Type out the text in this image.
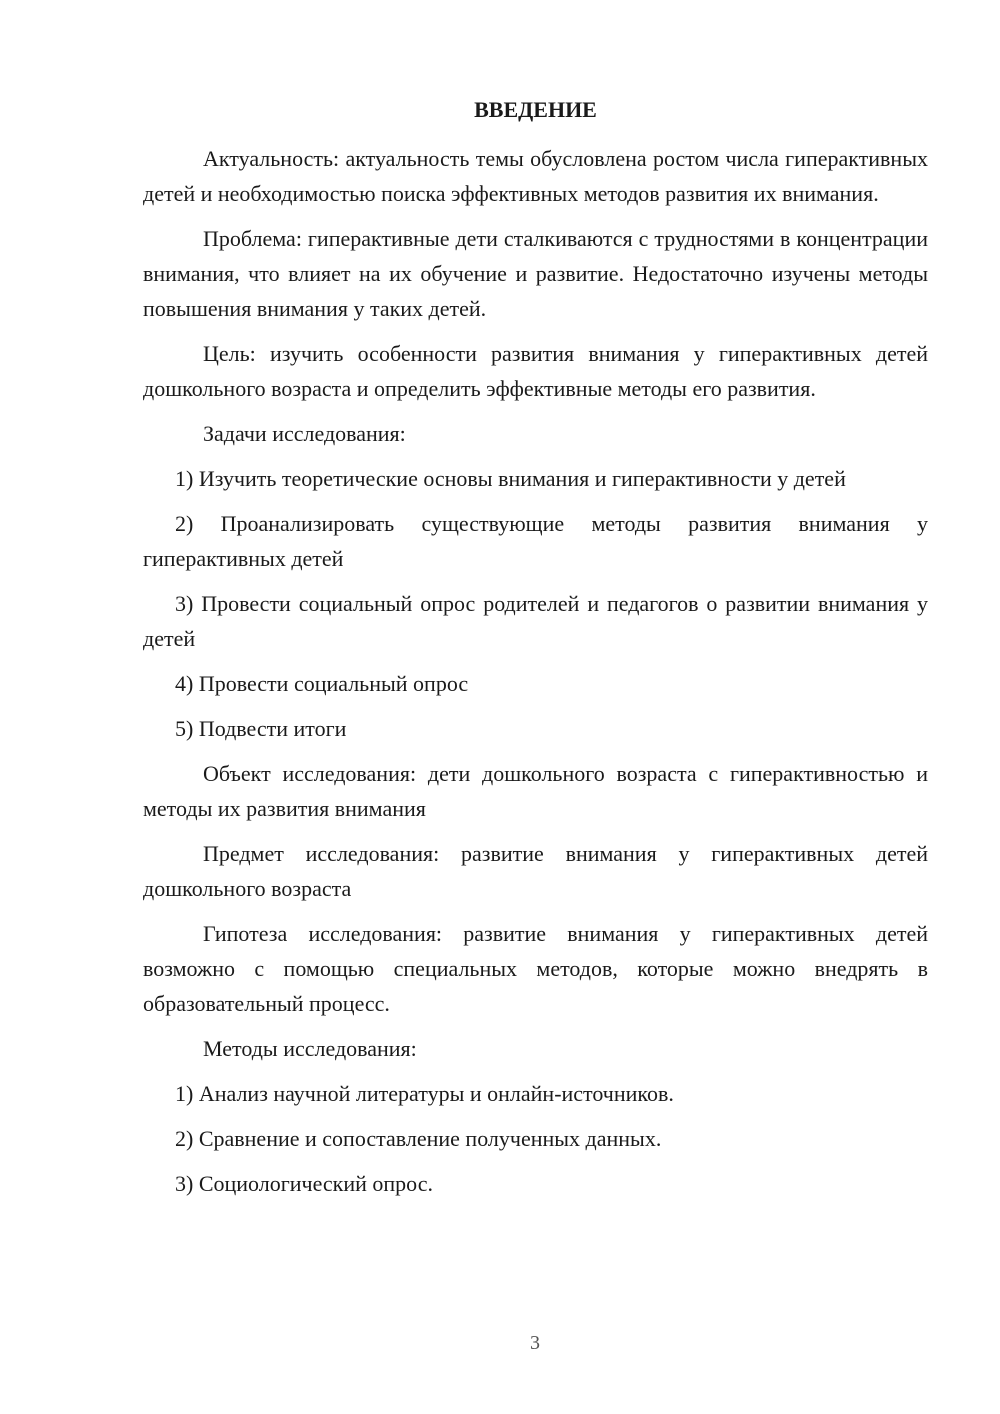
ВВЕДЕНИЕ

Актуальность: актуальность темы обусловлена ростом числа гиперактивных детей и необходимостью поиска эффективных методов развития их внимания.

Проблема: гиперактивные дети сталкиваются с трудностями в концентрации внимания, что влияет на их обучение и развитие. Недостаточно изучены методы повышения внимания у таких детей.

Цель: изучить особенности развития внимания у гиперактивных детей дошкольного возраста и определить эффективные методы его развития.

Задачи исследования:

1) Изучить теоретические основы внимания и гиперактивности у детей

2) Проанализировать существующие методы развития внимания у гиперактивных детей

3) Провести социальный опрос родителей и педагогов о развитии внимания у детей

4) Провести социальный опрос

5) Подвести итоги

Объект исследования: дети дошкольного возраста с гиперактивностью и методы их развития внимания

Предмет исследования: развитие внимания у гиперактивных детей дошкольного возраста

Гипотеза исследования: развитие внимания у гиперактивных детей возможно с помощью специальных методов, которые можно внедрять в образовательный процесс.

Методы исследования:

1) Анализ научной литературы и онлайн-источников.

2) Сравнение и сопоставление полученных данных.

3) Социологический опрос.

3
